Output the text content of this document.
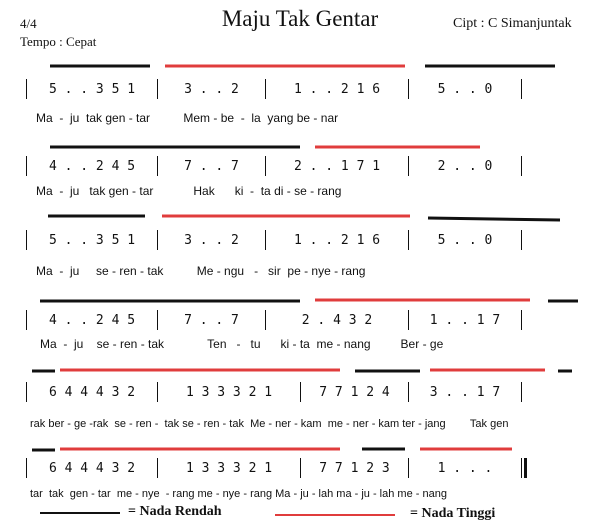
4/4
Tempo : Cepat
Maju Tak Gentar	Cipt : C Simanjuntak
5 . . 3 5 1	3 . . 2	1 . . 2 1 6	5 . . 0
Ma  -  ju  tak gen - tar          Mem - be  -  la  yang be - nar
4 . . 2 4 5	7 . . 7	2 . . 1 7 1	2 . . 0
Ma  -  ju   tak gen - tar            Hak      ki  -  ta di - se - rang
5 . . 3 5 1	3 . . 2	1 . . 2 1 6	5 . . 0
Ma  -  ju     se - ren - tak          Me - ngu   -   sir  pe - nye - rang
4 . . 2 4 5	7 . . 7	2 . 4 3 2	1 . . 1 7
Ma  -  ju    se - ren - tak             Ten   -   tu      ki - ta  me - nang         Ber - ge
6 4 4 4 3 2	1 3 3 3 2 1	7 7 1 2 4	3 . . 1 7
rak ber - ge -rak  se - ren -  tak se - ren - tak  Me - ner - kam  me - ner - kam ter - jang        Tak gen
6 4 4 4 3 2	1 3 3 3 2 1	7 7 1 2 3	1 . . .
tar  tak  gen - tar  me - nye  - rang me - nye - rang Ma - ju - lah ma - ju - lah me - nang
= Nada Rendah	= Nada Tinggi
